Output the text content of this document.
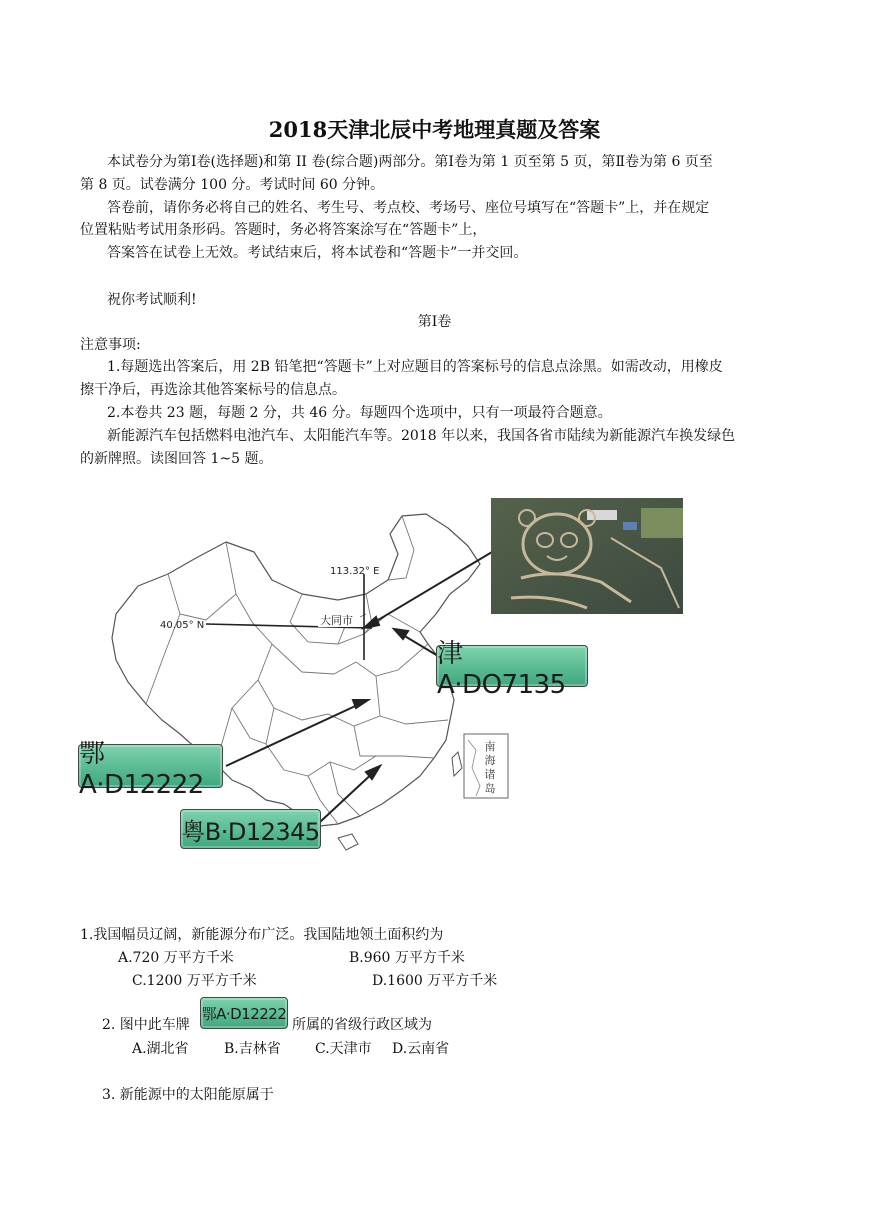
2018天津北辰中考地理真题及答案
本试卷分为第Ⅰ卷(选择题)和第 II 卷(综合题)两部分。第Ⅰ卷为第 1 页至第 5 页，第Ⅱ卷为第 6 页至
第 8 页。试卷满分 100 分。考试时间 60 分钟。
答卷前，请你务必将自己的姓名、考生号、考点校、考场号、座位号填写在“答题卡”上，并在规定
位置粘贴考试用条形码。答题时，务必将答案涂写在“答题卡”上，
答案答在试卷上无效。考试结束后，将本试卷和“答题卡”一并交回。
祝你考试顺利!
第Ⅰ卷
注意事项:
1.每题选出答案后，用 2B 铅笔把“答题卡”上对应题目的答案标号的信息点涂黑。如需改动，用橡皮
擦干净后，再选涂其他答案标号的信息点。
2.本卷共 23 题，每题 2 分，共 46 分。每题四个选项中，只有一项最符合题意。
新能源汽车包括燃料电池汽车、太阳能汽车等。2018 年以来，我国各省市陆续为新能源汽车换发绿色
的新牌照。读图回答 1~5 题。
南
海
诸
岛
113.32° E
40.05° N	大同市
津A·DO7135
鄂A·D12222
粤B·D12345
1.我国幅员辽阔，新能源分布广泛。我国陆地领土面积约为
A.720 万平方千米	B.960 万平方千米
C.1200 万平方千米	D.1600 万平方千米
2. 图中此车牌
鄂A·D12222
所属的省级行政区域为
A.湖北省	B.吉林省 C.天津市 D.云南省
3. 新能源中的太阳能原属于
